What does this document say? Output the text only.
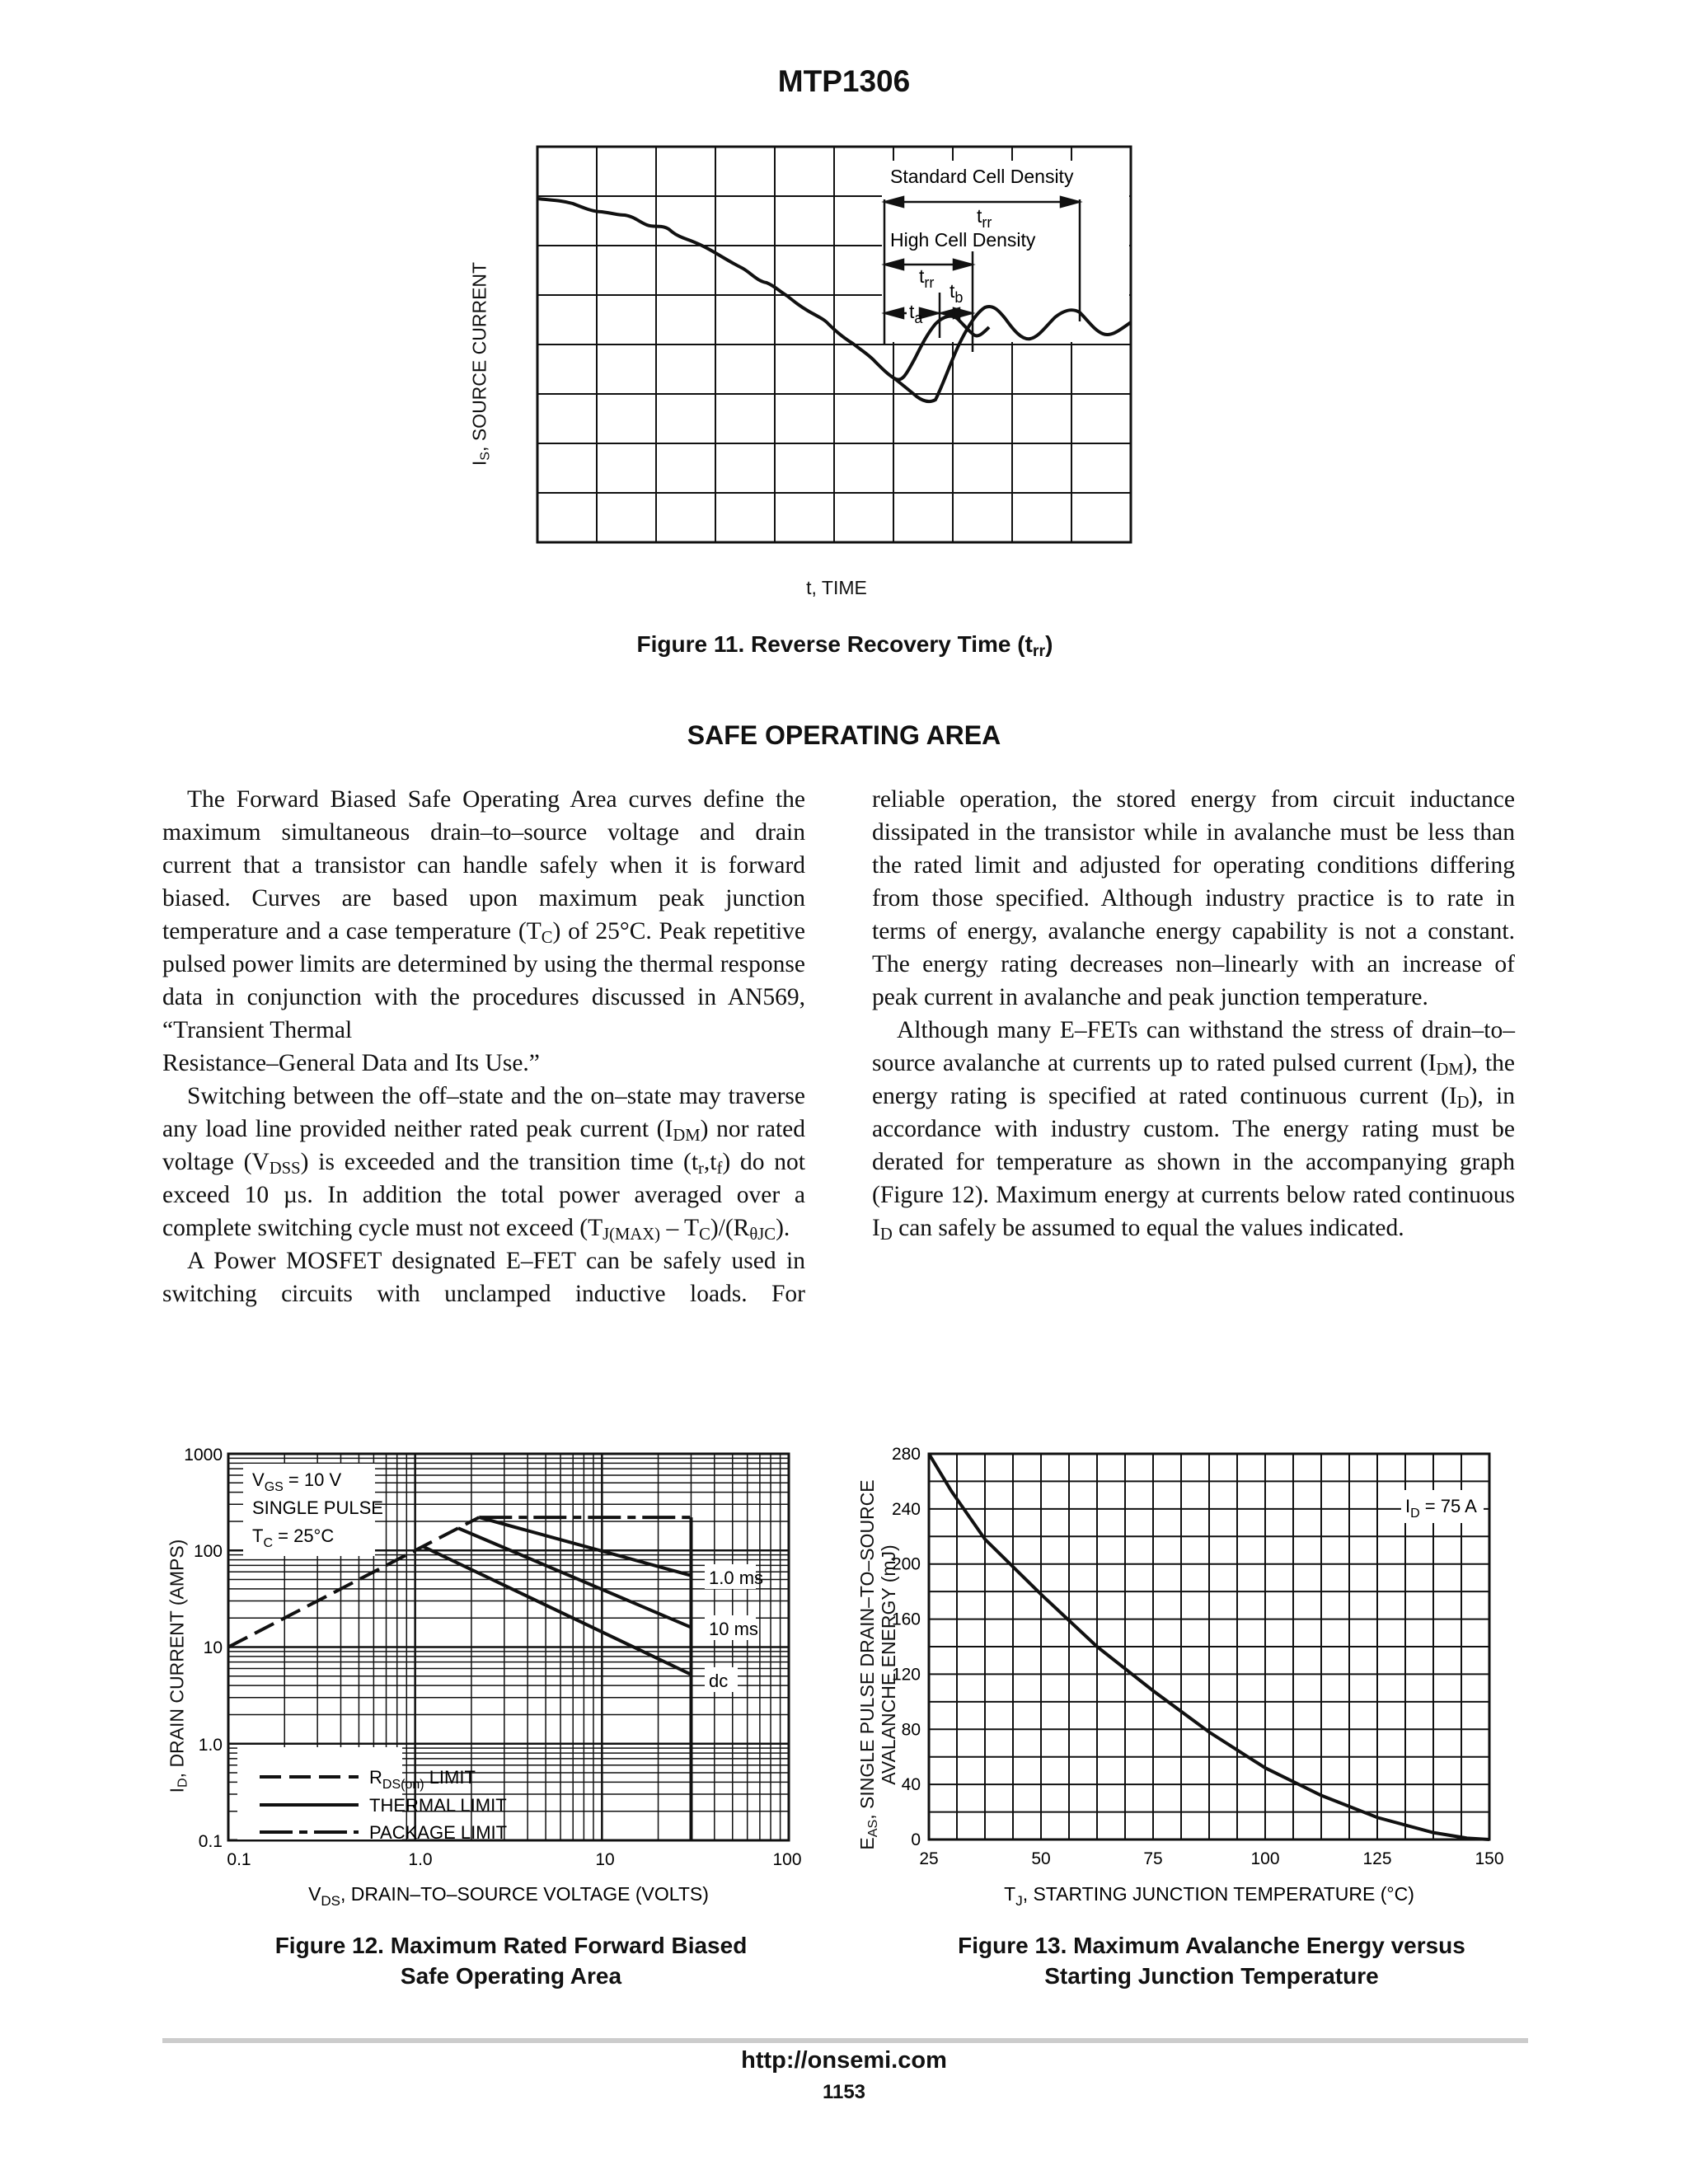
MTP1306
Standard Cell Density
$t_{rr}$
High Cell Density
$t_{rr}$
$t_a$
$t_b$
$I_S$, SOURCE CURRENT
t, TIME
Figure 11. Reverse Recovery Time $(t_{rr})$
SAFE OPERATING AREA

The Forward Biased Safe Operating Area curves define the maximum simultaneous drain–to–source voltage and drain current that a transistor can handle safely when it is forward biased. Curves are based upon maximum peak junction temperature and a case temperature $(T_C)$ of 25°C. Peak repetitive pulsed power limits are determined by using the thermal response data in conjunction with the procedures discussed in AN569, “Transient Thermal

Resistance–General Data and Its Use.”

Switching between the off–state and the on–state may traverse any load line provided neither rated peak current $(I_{DM})$ nor rated voltage $(V_{DSS})$ is exceeded and the transition time $(t_r,t_f)$ do not exceed 10 µs. In addition the total power averaged over a complete switching cycle must not exceed $(T_{J(MAX)} - T_C)/(R_{\theta JC})$.

A Power MOSFET designated E–FET can be safely used in switching circuits with unclamped inductive loads. For

reliable operation, the stored energy from circuit inductance dissipated in the transistor while in avalanche must be less than the rated limit and adjusted for operating conditions differing from those specified. Although industry practice is to rate in terms of energy, avalanche energy capability is not a constant. The energy rating decreases non–linearly with an increase of peak current in avalanche and peak junction temperature.

Although many E–FETs can withstand the stress of drain–to–source avalanche at currents up to rated pulsed current $(I_{DM})$, the energy rating is specified at rated continuous current $(I_D)$, in accordance with industry custom. The energy rating must be derated for temperature as shown in the accompanying graph (Figure 12). Maximum energy at currents below rated continuous $I_D$ can safely be assumed to equal the values indicated.

$V_{GS} = 10$ V
SINGLE PULSE
$T_C = 25^\circ C$
$R_{DS(on)}$ LIMIT
THERMAL LIMIT
PACKAGE LIMIT
1.0 ms
10 ms
dc
1000
100
10
1.0
0.1
0.1	1.0	10	100
$V_{DS}$, DRAIN–TO–SOURCE VOLTAGE (VOLTS)
$I_D$, DRAIN CURRENT (AMPS)
Figure 12. Maximum Rated Forward Biased
Safe Operating Area
$I_D = 75$ A
0
40
80
120
160
200
240
280
25	50	75	100	125	150
$T_J$, STARTING JUNCTION TEMPERATURE (°C)
$E_{AS}$, SINGLE PULSE DRAIN–TO–SOURCE AVALANCHE ENERGY (mJ)
Figure 13. Maximum Avalanche Energy versus
Starting Junction Temperature
http://onsemi.com
1153
